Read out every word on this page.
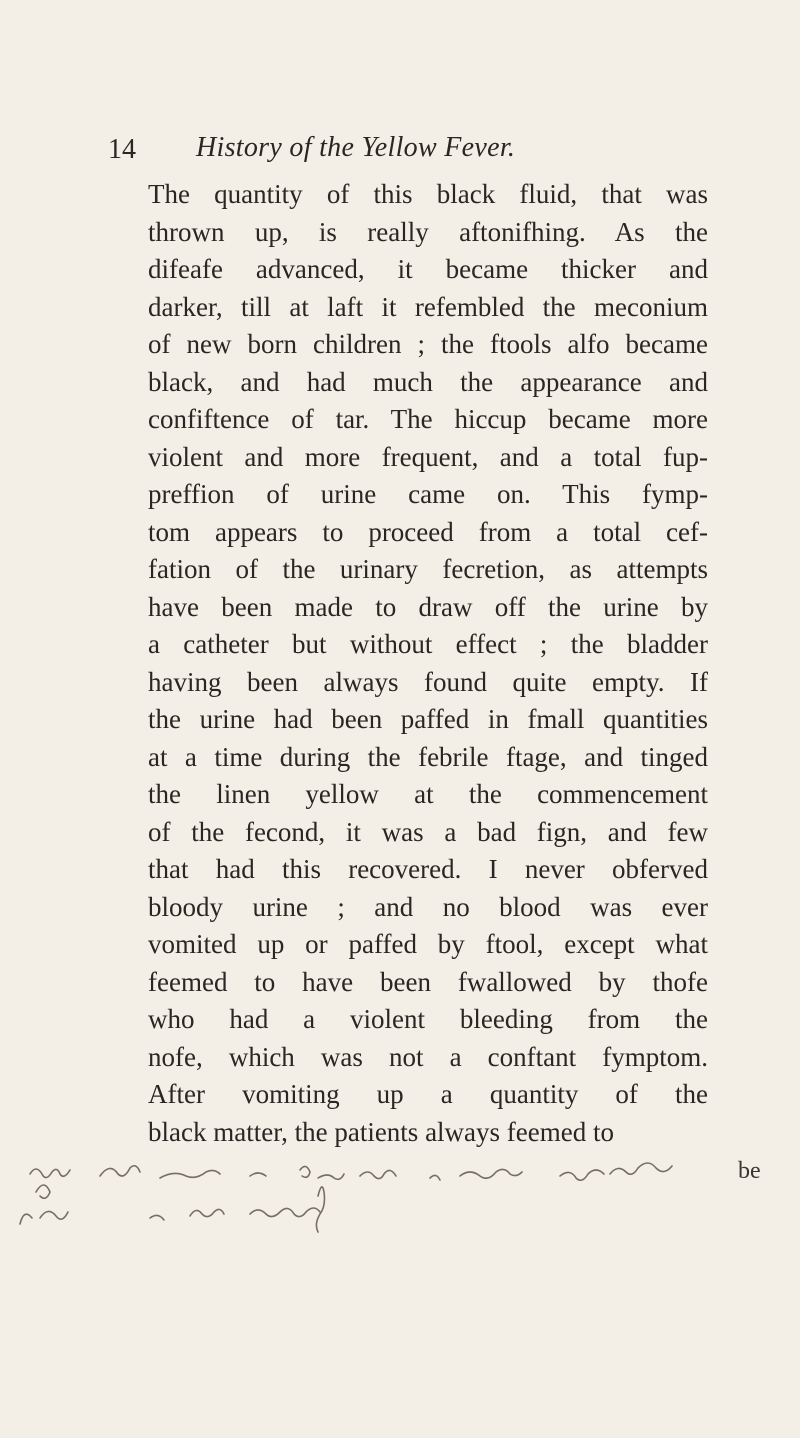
14 History of the Yellow Fever.
The quantity of this black fluid, that was
thrown up, is really aftonifhing. As the
difeafe advanced, it became thicker and
darker, till at laft it refembled the meconium
of new born children ; the ftools alfo became
black, and had much the appearance and
confiftence of tar. The hiccup became more
violent and more frequent, and a total fup-
preffion of urine came on. This fymp-
tom appears to proceed from a total cef-
fation of the urinary fecretion, as attempts
have been made to draw off the urine by
a catheter but without effect ; the bladder
having been always found quite empty. If
the urine had been paffed in fmall quantities
at a time during the febrile ftage, and tinged
the linen yellow at the commencement
of the fecond, it was a bad fign, and few
that had this recovered. I never obferved
bloody urine ; and no blood was ever
vomited up or paffed by ftool, except what
feemed to have been fwallowed by thofe
who had a violent bleeding from the
nofe, which was not a conftant fymptom.
After vomiting up a quantity of the
black matter, the patients always feemed to
be
